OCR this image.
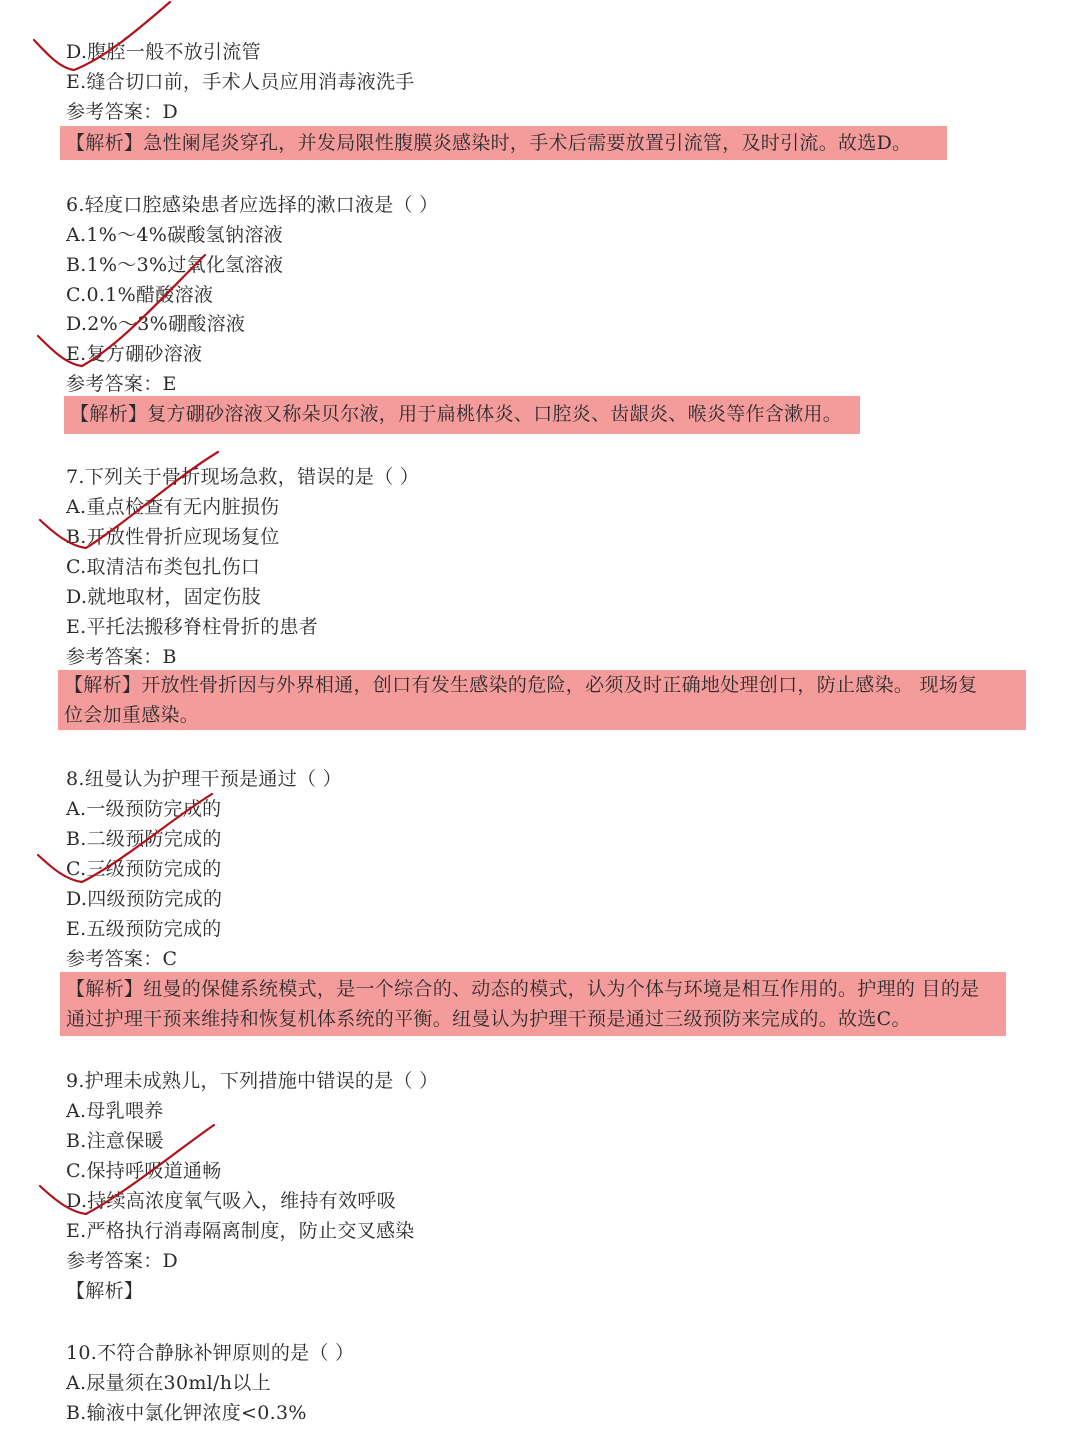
D.腹腔一般不放引流管
E.缝合切口前，手术人员应用消毒液洗手
参考答案：D
【解析】急性阑尾炎穿孔，并发局限性腹膜炎感染时，手术后需要放置引流管，及时引流。故选D。
6.轻度口腔感染患者应选择的漱口液是（ ）
A.1%～4%碳酸氢钠溶液
B.1%～3%过氧化氢溶液
C.0.1%醋酸溶液
D.2%～3%硼酸溶液
E.复方硼砂溶液
参考答案：E
【解析】复方硼砂溶液又称朵贝尔液，用于扁桃体炎、口腔炎、齿龈炎、喉炎等作含漱用。
7.下列关于骨折现场急救，错误的是（ ）
A.重点检查有无内脏损伤
B.开放性骨折应现场复位
C.取清洁布类包扎伤口
D.就地取材，固定伤肢
E.平托法搬移脊柱骨折的患者
参考答案：B
【解析】开放性骨折因与外界相通，创口有发生感染的危险，必须及时正确地处理创口，防止感染。 现场复
位会加重感染。
8.纽曼认为护理干预是通过（ ）
A.一级预防完成的
B.二级预防完成的
C.三级预防完成的
D.四级预防完成的
E.五级预防完成的
参考答案：C
【解析】纽曼的保健系统模式，是一个综合的、动态的模式，认为个体与环境是相互作用的。护理的 目的是
通过护理干预来维持和恢复机体系统的平衡。纽曼认为护理干预是通过三级预防来完成的。故选C。
9.护理未成熟儿，下列措施中错误的是（ ）
A.母乳喂养
B.注意保暖
C.保持呼吸道通畅
D.持续高浓度氧气吸入，维持有效呼吸
E.严格执行消毒隔离制度，防止交叉感染
参考答案：D
【解析】
10.不符合静脉补钾原则的是（ ）
A.尿量须在30ml/h以上
B.输液中氯化钾浓度<0.3%
